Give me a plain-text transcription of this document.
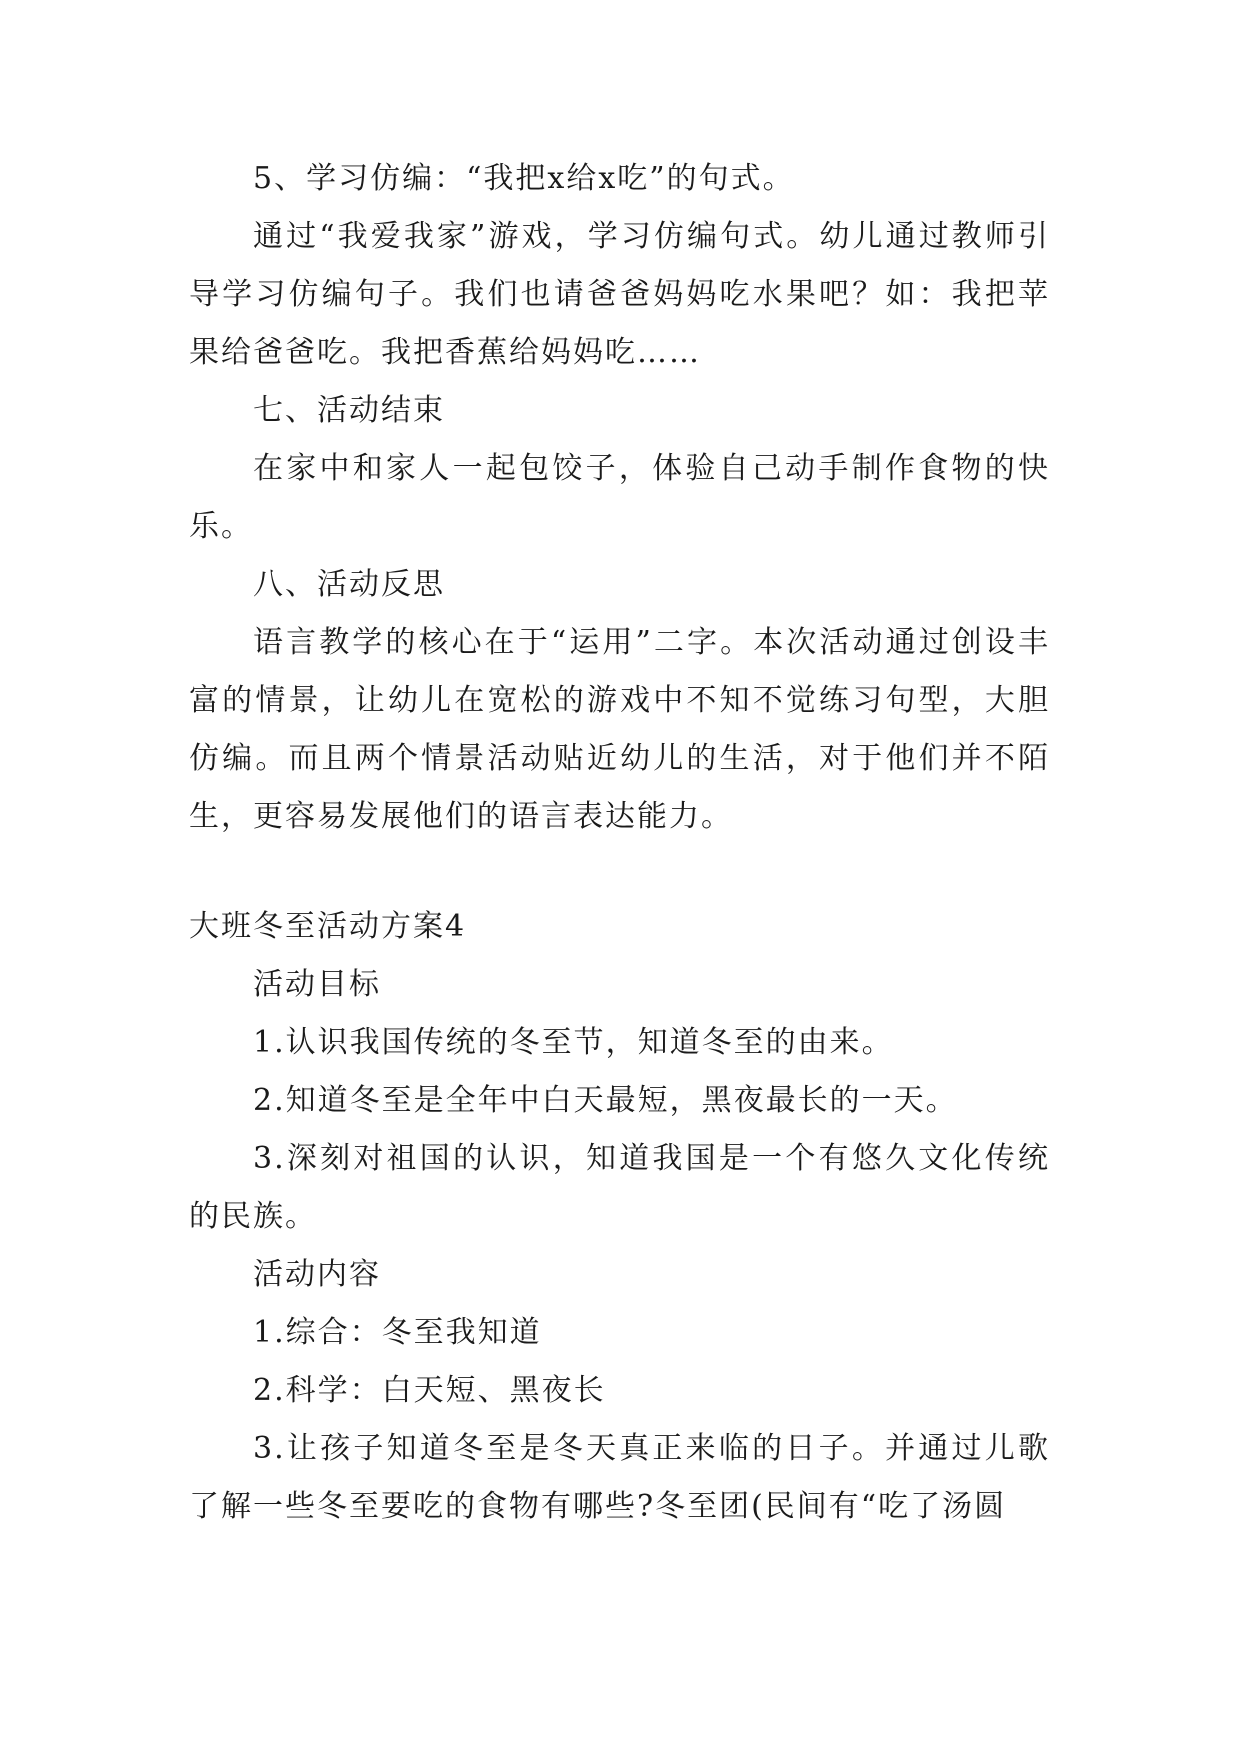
5、学习仿编：“我把x给x吃”的句式。

通过“我爱我家”游戏，学习仿编句式。幼儿通过教师引导学习仿编句子。我们也请爸爸妈妈吃水果吧？如：我把苹果给爸爸吃。我把香蕉给妈妈吃……

七、活动结束

在家中和家人一起包饺子，体验自己动手制作食物的快乐。

八、活动反思

语言教学的核心在于“运用”二字。本次活动通过创设丰富的情景，让幼儿在宽松的游戏中不知不觉练习句型，大胆仿编。而且两个情景活动贴近幼儿的生活，对于他们并不陌生，更容易发展他们的语言表达能力。

大班冬至活动方案4

活动目标

1.认识我国传统的冬至节，知道冬至的由来。

2.知道冬至是全年中白天最短，黑夜最长的一天。

3.深刻对祖国的认识，知道我国是一个有悠久文化传统的民族。

活动内容

1.综合：冬至我知道

2.科学：白天短、黑夜长

3.让孩子知道冬至是冬天真正来临的日子。并通过儿歌了解一些冬至要吃的食物有哪些?冬至团(民间有“吃了汤圆
